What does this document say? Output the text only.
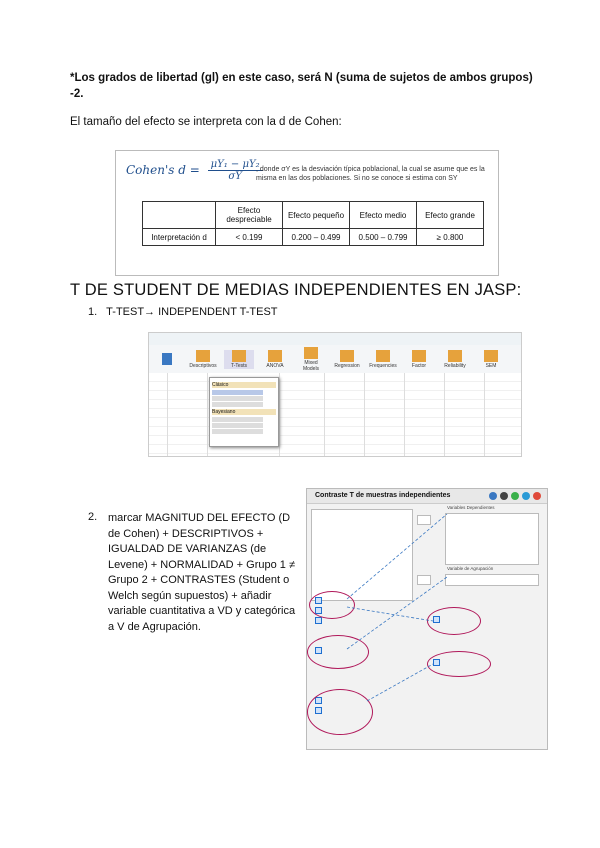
*Los grados de libertad (gl) en este caso, será N (suma de sujetos de ambos grupos) -2.
El tamaño del efecto se interpreta con la d de Cohen:
Cohen's $d = \frac{\text{μY₁ − μY₂}}{\sigma Y}$
, donde σY es la desviación típica poblacional, la cual se asume que es la misma en las dos poblaciones. Si no se conoce si estima con SY
	Efecto despreciable	Efecto pequeño	Efecto medio	Efecto grande
Interpretación d	< 0.199	0.200 – 0.499	0.500 – 0.799	≥ 0.800
T DE STUDENT DE MEDIAS INDEPENDIENTES EN JASP:
1. T-TEST→ INDEPENDENT T-TEST
Descriptivos	T-Tests	ANOVA	Mixed Models	Regression	Frequencies	Factor	Reliability	SEM
Clásico
Bayesiano
2. marcar MAGNITUD DEL EFECTO (D de Cohen) + DESCRIPTIVOS + IGUALDAD DE VARIANZAS (de Levene) + NORMALIDAD + Grupo 1 ≠ Grupo 2 + CONTRASTES (Student o Welch según supuestos) + añadir variable cuantitativa a VD y categórica a V de Agrupación.
Contraste T de muestras independientes
Variables Dependientes
Variable de Agrupación
